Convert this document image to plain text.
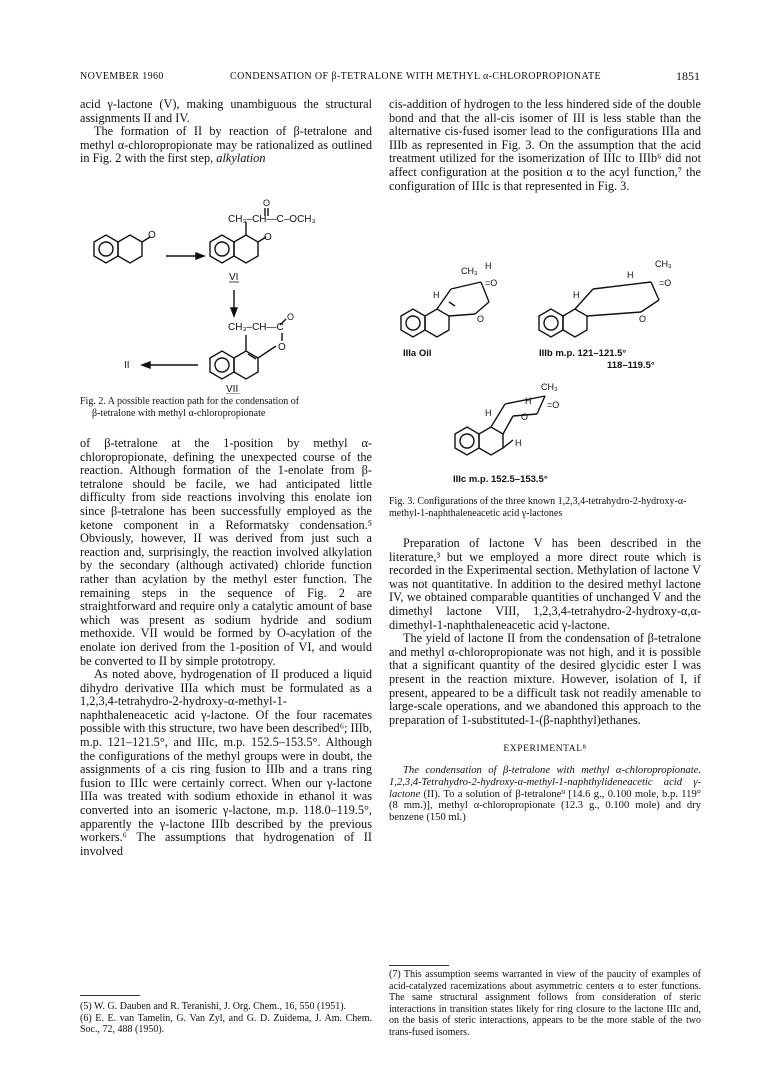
NOVEMBER 1960	CONDENSATION OF β-TETRALONE WITH METHYL α-CHLOROPROPIONATE	1851

acid γ-lactone (V), making unambiguous the structural assignments II and IV.

The formation of II by reaction of β-tetralone and methyl α-chloropropionate may be rationalized as outlined in Fig. 2 with the first step, alkylation

O
O
CH₃–CH—C–OCH₃
O
VI
CH₃–CH—C
O
O
VII
II
Fig. 2. A possible reaction path for the condensation of
β-tetralone with methyl α-chloropropionate

of β-tetralone at the 1-position by methyl α-chloropropionate, defining the unexpected course of the reaction. Although formation of the 1-enolate from β-tetralone should be facile, we had anticipated little difficulty from side reactions involving this enolate ion since β-tetralone has been successfully employed as the ketone component in a Reformatsky condensation.⁵ Obviously, however, II was derived from just such a reaction and, surprisingly, the reaction involved alkylation by the secondary (although activated) chloride function rather than acylation by the methyl ester function. The remaining steps in the sequence of Fig. 2 are straightforward and require only a catalytic amount of base which was present as sodium hydride and sodium methoxide. VII would be formed by O-acylation of the enolate ion derived from the 1-position of VI, and would be converted to II by simple prototropy.

As noted above, hydrogenation of II produced a liquid dihydro derivative IIIa which must be formulated as a 1,2,3,4-tetrahydro-2-hydroxy-α-methyl-1-naphthaleneacetic acid γ-lactone. Of the four racemates possible with this structure, two have been described⁶; IIIb, m.p. 121–121.5°, and IIIc, m.p. 152.5–153.5°. Although the configurations of the methyl groups were in doubt, the assignments of a cis ring fusion to IIIb and a trans ring fusion to IIIc were certainly correct. When our γ-lactone IIIa was treated with sodium ethoxide in ethanol it was converted into an isomeric γ-lactone, m.p. 118.0–119.5°, apparently the γ-lactone IIIb described by the previous workers.⁶ The assumptions that hydrogenation of II involved

(5) W. G. Dauben and R. Teranishi, J. Org. Chem., 16, 550 (1951).
(6) E. E. van Tamelin, G. Van Zyl, and G. D. Zuidema, J. Am. Chem. Soc., 72, 488 (1950).

cis-addition of hydrogen to the less hindered side of the double bond and that the all-cis isomer of III is less stable than the alternative cis-fused isomer lead to the configurations IIIa and IIIb as represented in Fig. 3. On the assumption that the acid treatment utilized for the isomerization of IIIc to IIIb⁶ did not affect configuration at the position α to the acyl function,⁷ the configuration of IIIc is that represented in Fig. 3.

CH₃ H
=O
H
O
IIIa Oil
CH₃
H
=O
H
O
IIIb m.p. 121–121.5°
118–119.5°
CH₃
H =O
H	O
H
IIIc m.p. 152.5–153.5°
Fig. 3. Configurations of the three known 1,2,3,4-tetrahydro-2-hydroxy-α-methyl-1-naphthaleneacetic acid γ-lactones

Preparation of lactone V has been described in the literature,³ but we employed a more direct route which is recorded in the Experimental section. Methylation of lactone V was not quantitative. In addition to the desired methyl lactone IV, we obtained comparable quantities of unchanged V and the dimethyl lactone VIII, 1,2,3,4-tetrahydro-2-hydroxy-α,α-dimethyl-1-naphthaleneacetic acid γ-lactone.

The yield of lactone II from the condensation of β-tetralone and methyl α-chloropropionate was not high, and it is possible that a significant quantity of the desired glycidic ester I was present in the reaction mixture. However, isolation of I, if present, appeared to be a difficult task not readily amenable to large-scale operations, and we abandoned this approach to the preparation of 1-substituted-1-(β-naphthyl)ethanes.

EXPERIMENTAL⁸

The condensation of β-tetralone with methyl α-chloropropionate. 1,2,3,4-Tetrahydro-2-hydroxy-α-methyl-1-naphthylideneacetic acid γ-lactone (II). To a solution of β-tetralone⁹ [14.6 g., 0.100 mole, b.p. 119° (8 mm.)], methyl α-chloropropionate (12.3 g., 0.100 mole) and dry benzene (150 ml.)

(7) This assumption seems warranted in view of the paucity of examples of acid-catalyzed racemizations about asymmetric centers α to ester functions. The same structural assignment follows from consideration of steric interactions in transition states likely for ring closure to the lactone IIIc and, on the basis of steric interactions, appears to be the more stable of the two trans-fused isomers.
